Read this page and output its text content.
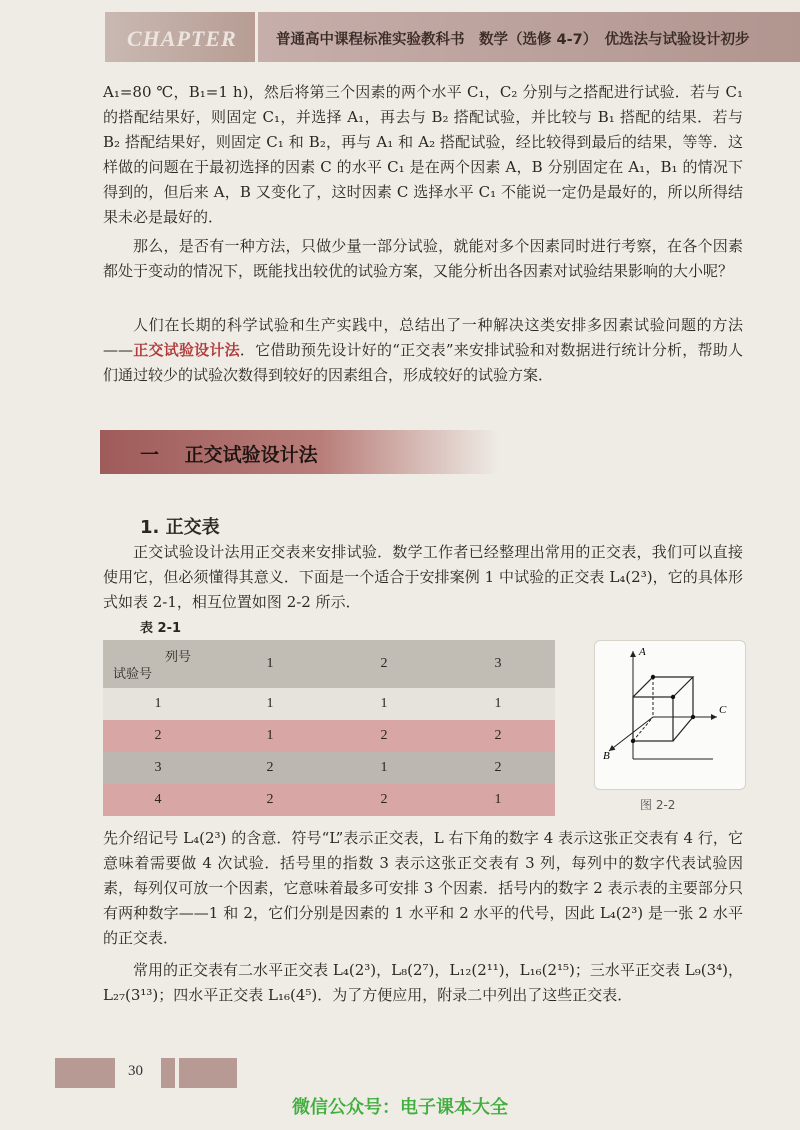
CHAPTER	普通高中课程标准实验教科书　数学（选修 4-7）　优选法与试验设计初步

A₁=80 ℃，B₁=1 h)，然后将第三个因素的两个水平 C₁，C₂ 分别与之搭配进行试验．若与 C₁ 的搭配结果好，则固定 C₁，并选择 A₁，再去与 B₂ 搭配试验，并比较与 B₁ 搭配的结果．若与 B₂ 搭配结果好，则固定 C₁ 和 B₂，再与 A₁ 和 A₂ 搭配试验，经比较得到最后的结果，等等．这样做的问题在于最初选择的因素 C 的水平 C₁ 是在两个因素 A，B 分别固定在 A₁，B₁ 的情况下得到的，但后来 A，B 又变化了，这时因素 C 选择水平 C₁ 不能说一定仍是最好的，所以所得结果未必是最好的．

那么，是否有一种方法，只做少量一部分试验，就能对多个因素同时进行考察，在各个因素都处于变动的情况下，既能找出较优的试验方案，又能分析出各因素对试验结果影响的大小呢？

人们在长期的科学试验和生产实践中，总结出了一种解决这类安排多因素试验问题的方法——正交试验设计法．它借助预先设计好的“正交表”来安排试验和对数据进行统计分析，帮助人们通过较少的试验次数得到较好的因素组合，形成较好的试验方案．

一　 正交试验设计法
1. 正交表

正交试验设计法用正交表来安排试验．数学工作者已经整理出常用的正交表，我们可以直接使用它，但必须懂得其意义．下面是一个适合于安排案例 1 中试验的正交表 L₄(2³)，它的具体形式如表 2-1，相互位置如图 2-2 所示．

表 2-1
列号
试验号	1	2	3
1	1	1	1
2	1	2	2
3	2	1	2
4	2	2	1
A
C
B
图 2-2

先介绍记号 L₄(2³) 的含意．符号“L”表示正交表，L 右下角的数字 4 表示这张正交表有 4 行，它意味着需要做 4 次试验．括号里的指数 3 表示这张正交表有 3 列，每列中的数字代表试验因素，每列仅可放一个因素，它意味着最多可安排 3 个因素．括号内的数字 2 表示表的主要部分只有两种数字——1 和 2，它们分别是因素的 1 水平和 2 水平的代号，因此 L₄(2³) 是一张 2 水平的正交表．

常用的正交表有二水平正交表 L₄(2³)，L₈(2⁷)，L₁₂(2¹¹)，L₁₆(2¹⁵)；三水平正交表 L₉(3⁴)，L₂₇(3¹³)；四水平正交表 L₁₆(4⁵)．为了方便应用，附录二中列出了这些正交表．

30
微信公众号：电子课本大全
